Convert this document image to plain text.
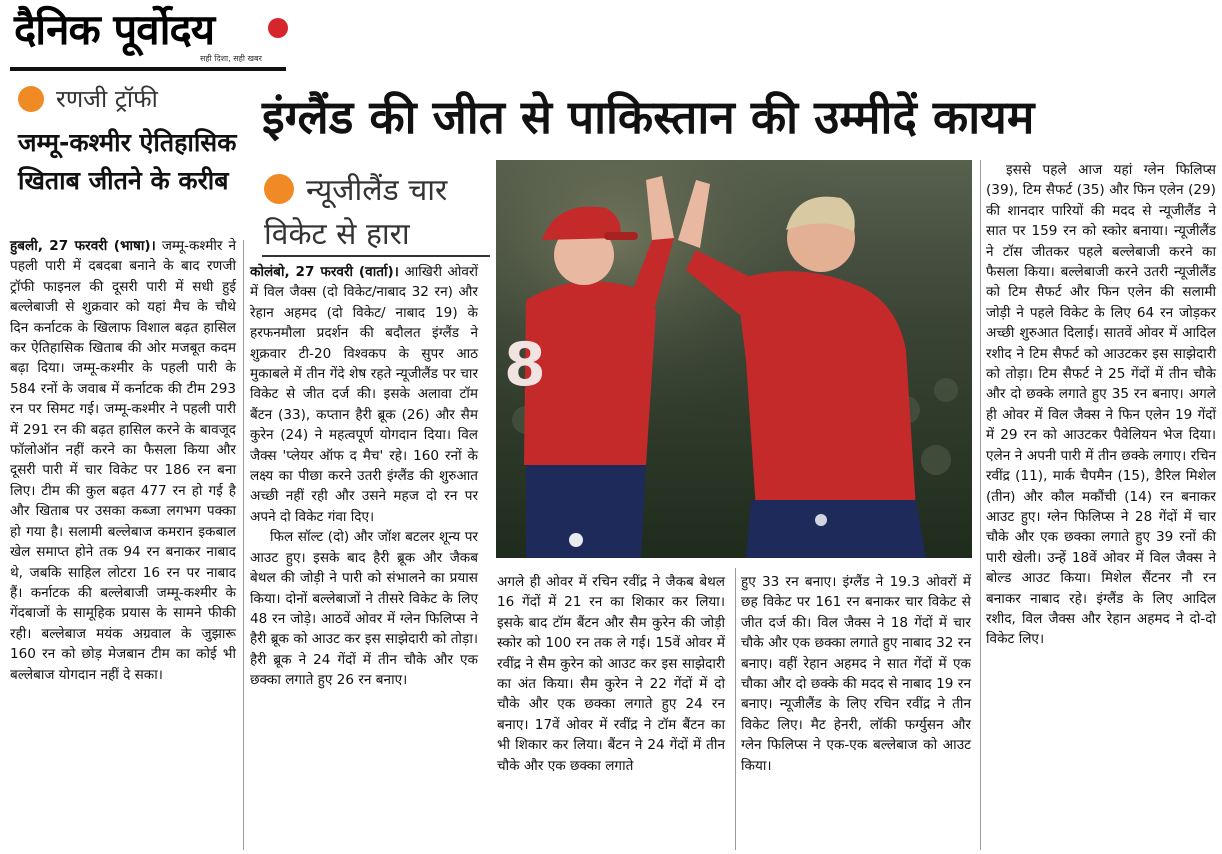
दैनिक पूर्वोदय
सही दिशा, सही खबर
इंग्लैंड की जीत से पाकिस्तान की उम्मीदें कायम
रणजी ट्रॉफी
जम्मू-कश्मीर ऐतिहासिक खिताब जीतने के करीब

हुबली, 27 फरवरी (भाषा)। जम्मू-कश्मीर ने पहली पारी में दबदबा बनाने के बाद रणजी ट्रॉफी फाइनल की दूसरी पारी में सधी हुई बल्लेबाजी से शुक्रवार को यहां मैच के चौथे दिन कर्नाटक के खिलाफ विशाल बढ़त हासिल कर ऐतिहासिक खिताब की ओर मजबूत कदम बढ़ा दिया। जम्मू-कश्मीर के पहली पारी के 584 रनों के जवाब में कर्नाटक की टीम 293 रन पर सिमट गई। जम्मू-कश्मीर ने पहली पारी में 291 रन की बढ़त हासिल करने के बावजूद फॉलोऑन नहीं करने का फैसला किया और दूसरी पारी में चार विकेट पर 186 रन बना लिए। टीम की कुल बढ़त 477 रन हो गई है और खिताब पर उसका कब्जा लगभग पक्का हो गया है। सलामी बल्लेबाज कमरान इकबाल खेल समाप्त होने तक 94 रन बनाकर नाबाद थे, जबकि साहिल लोटरा 16 रन पर नाबाद हैं। कर्नाटक की बल्लेबाजी जम्मू-कश्मीर के गेंदबाजों के सामूहिक प्रयास के सामने फीकी रही। बल्लेबाज मयंक अग्रवाल के जुझारू 160 रन को छोड़ मेजबान टीम का कोई भी बल्लेबाज योगदान नहीं दे सका।

न्यूजीलैंड चार
विकेट से हारा

कोलंबो, 27 फरवरी (वार्ता)। आखिरी ओवरों में विल जैक्स (दो विकेट/नाबाद 32 रन) और रेहान अहमद (दो विकेट/ नाबाद 19) के हरफनमौला प्रदर्शन की बदौलत इंग्लैंड ने शुक्रवार टी-20 विश्वकप के सुपर आठ मुकाबले में तीन गेंदे शेष रहते न्यूजीलैंड पर चार विकेट से जीत दर्ज की। इसके अलावा टॉम बैंटन (33), कप्तान हैरी ब्रूक (26) और सैम कुरेन (24) ने महत्वपूर्ण योगदान दिया। विल जैक्स 'प्लेयर ऑफ द मैच' रहे। 160 रनों के लक्ष्य का पीछा करने उतरी इंग्लैंड की शुरुआत अच्छी नहीं रही और उसने महज दो रन पर अपने दो विकेट गंवा दिए।

फिल सॉल्ट (दो) और जॉश बटलर शून्य पर आउट हुए। इसके बाद हैरी ब्रूक और जैकब बेथल की जोड़ी ने पारी को संभालने का प्रयास किया। दोनों बल्लेबाजों ने तीसरे विकेट के लिए 48 रन जोड़े। आठवें ओवर में ग्लेन फिलिप्स ने हैरी ब्रूक को आउट कर इस साझेदारी को तोड़ा। हैरी ब्रूक ने 24 गेंदों में तीन चौके और एक छक्का लगाते हुए 26 रन बनाए।

8
अगले ही ओवर में रचिन रवींद्र ने जैकब बेथल 16 गेंदों में 21 रन का शिकार कर लिया। इसके बाद टॉम बैंटन और सैम कुरेन की जोड़ी स्कोर को 100 रन तक ले गई। 15वें ओवर में रवींद्र ने सैम कुरेन को आउट कर इस साझेदारी का अंत किया। सैम कुरेन ने 22 गेंदों में दो चौके और एक छक्का लगाते हुए 24 रन बनाए। 17वें ओवर में रवींद्र ने टॉम बैंटन का भी शिकार कर लिया। बैंटन ने 24 गेंदों में तीन चौके और एक छक्का लगाते
हुए 33 रन बनाए। इंग्लैंड ने 19.3 ओवरों में छह विकेट पर 161 रन बनाकर चार विकेट से जीत दर्ज की। विल जैक्स ने 18 गेंदों में चार चौके और एक छक्का लगाते हुए नाबाद 32 रन बनाए। वहीं रेहान अहमद ने सात गेंदों में एक चौका और दो छक्के की मदद से नाबाद 19 रन बनाए। न्यूजीलैंड के लिए रचिन रवींद्र ने तीन विकेट लिए। मैट हेनरी, लॉकी फर्ग्युसन और ग्लेन फिलिप्स ने एक-एक बल्लेबाज को आउट किया।
इससे पहले आज यहां ग्लेन फिलिप्स (39), टिम सैफर्ट (35) और फिन एलेन (29) की शानदार पारियों की मदद से न्यूजीलैंड ने सात पर 159 रन को स्कोर बनाया। न्यूजीलैंड ने टॉस जीतकर पहले बल्लेबाजी करने का फैसला किया। बल्लेबाजी करने उतरी न्यूजीलैंड को टिम सैफर्ट और फिन एलेन की सलामी जोड़ी ने पहले विकेट के लिए 64 रन जोड़कर अच्छी शुरुआत दिलाई। सातवें ओवर में आदिल रशीद ने टिम सैफर्ट को आउटकर इस साझेदारी को तोड़ा। टिम सैफर्ट ने 25 गेंदों में तीन चौके और दो छक्के लगाते हुए 35 रन बनाए। अगले ही ओवर में विल जैक्स ने फिन एलेन 19 गेंदों में 29 रन को आउटकर पैवेलियन भेज दिया। एलेन ने अपनी पारी में तीन छक्के लगाए। रचिन रवींद्र (11), मार्क चैपमैन (15), डैरिल मिशेल (तीन) और कौल मकौंची (14) रन बनाकर आउट हुए। ग्लेन फिलिप्स ने 28 गेंदों में चार चौके और एक छक्का लगाते हुए 39 रनों की पारी खेली। उन्हें 18वें ओवर में विल जैक्स ने बोल्ड आउट किया। मिशेल सैंटनर नौ रन बनाकर नाबाद रहे। इंग्लैंड के लिए आदिल रशीद, विल जैक्स और रेहान अहमद ने दो-दो विकेट लिए।
